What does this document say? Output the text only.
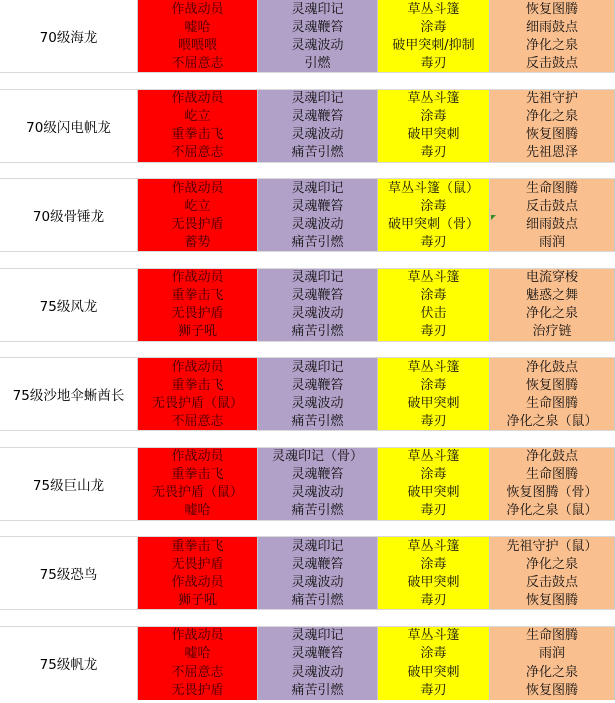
70级海龙
作战动员
嘘哈
喂喂喂
不屈意志
灵魂印记
灵魂鞭笞
灵魂波动
引燃
草丛斗篷
涂毒
破甲突刺/抑制
毒刃
恢复图腾
细雨鼓点
净化之泉
反击鼓点
70级闪电帆龙
作战动员
屹立
重拳击飞
不屈意志
灵魂印记
灵魂鞭笞
灵魂波动
痛苦引燃
草丛斗篷
涂毒
破甲突刺
毒刃
先祖守护
净化之泉
恢复图腾
先祖恩泽
70级骨锤龙
作战动员
屹立
无畏护盾
蓄势
灵魂印记
灵魂鞭笞
灵魂波动
痛苦引燃
草丛斗篷（鼠）
涂毒
破甲突刺（骨）
毒刃
生命图腾
反击鼓点
细雨鼓点
雨润
75级风龙
作战动员
重拳击飞
无畏护盾
狮子吼
灵魂印记
灵魂鞭笞
灵魂波动
痛苦引燃
草丛斗篷
涂毒
伏击
毒刃
电流穿梭
魅惑之舞
净化之泉
治疗链
75级沙地伞蜥酋长
作战动员
重拳击飞
无畏护盾（鼠）
不屈意志
灵魂印记
灵魂鞭笞
灵魂波动
痛苦引燃
草丛斗篷
涂毒
破甲突刺
毒刃
净化鼓点
恢复图腾
生命图腾
净化之泉（鼠）
75级巨山龙
作战动员
重拳击飞
无畏护盾（鼠）
嘘哈
灵魂印记（骨）
灵魂鞭笞
灵魂波动
痛苦引燃
草丛斗篷
涂毒
破甲突刺
毒刃
净化鼓点
生命图腾
恢复图腾（骨）
净化之泉（鼠）
75级恐鸟
重拳击飞
无畏护盾
作战动员
狮子吼
灵魂印记
灵魂鞭笞
灵魂波动
痛苦引燃
草丛斗篷
涂毒
破甲突刺
毒刃
先祖守护（鼠）
净化之泉
反击鼓点
恢复图腾
75级帆龙
作战动员
嘘哈
不屈意志
无畏护盾
灵魂印记
灵魂鞭笞
灵魂波动
痛苦引燃
草丛斗篷
涂毒
破甲突刺
毒刃
生命图腾
雨润
净化之泉
恢复图腾
